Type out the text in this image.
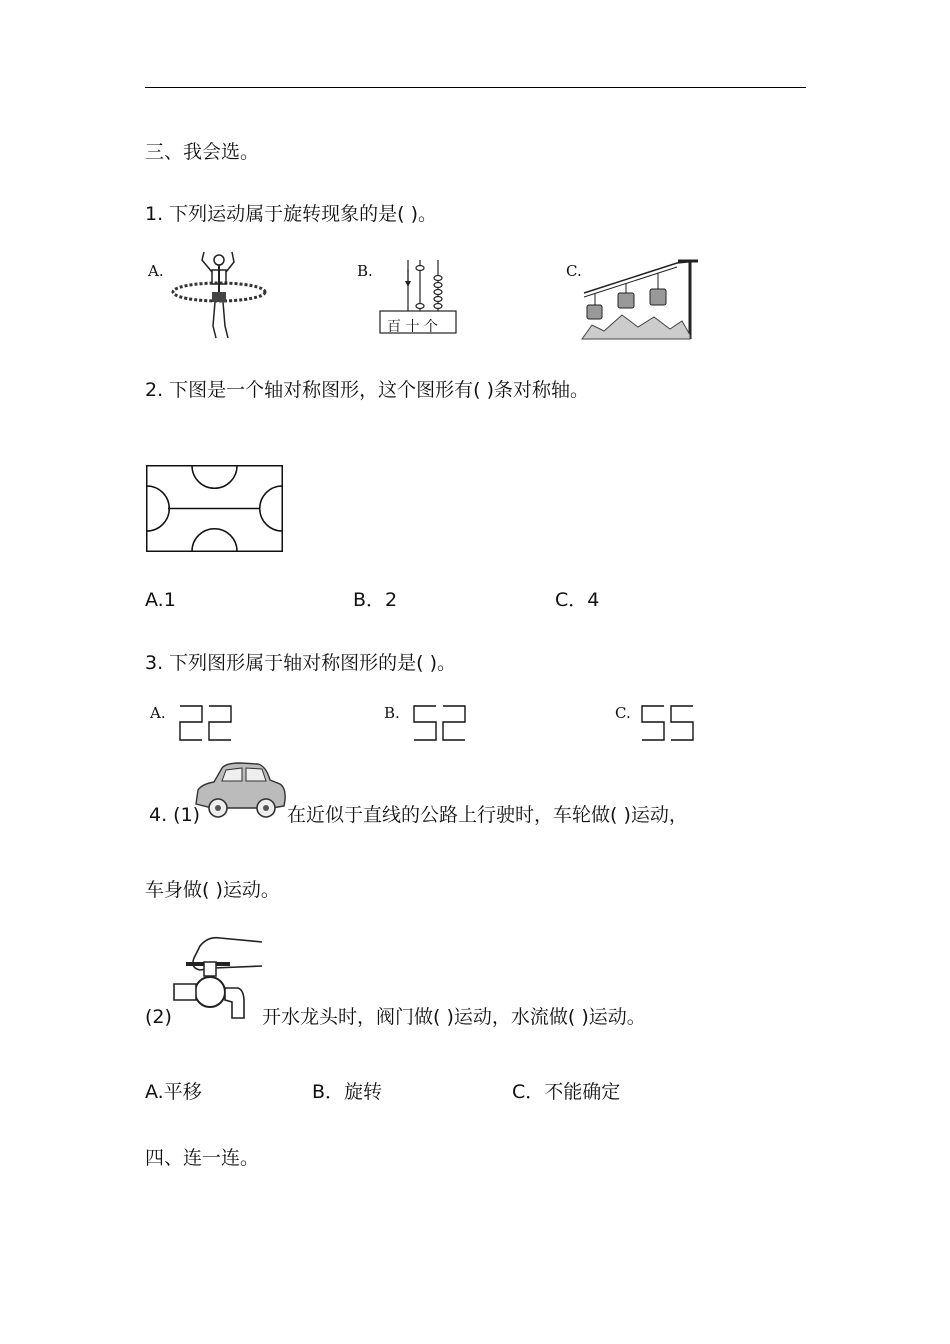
三、我会选。
1. 下列运动属于旋转现象的是( )。
A.	B.
百 十 个
C.
2. 下图是一个轴对称图形，这个图形有( )条对称轴。
A.1	B．2	C．4
3. 下列图形属于轴对称图形的是( )。
A.	B.	C.
4. (1)	在近似于直线的公路上行驶时，车轮做( )运动，
车身做( )运动。
(2)	开水龙头时，阀门做( )运动，水流做( )运动。
A.平移	B．旋转	C．不能确定
四、连一连。
